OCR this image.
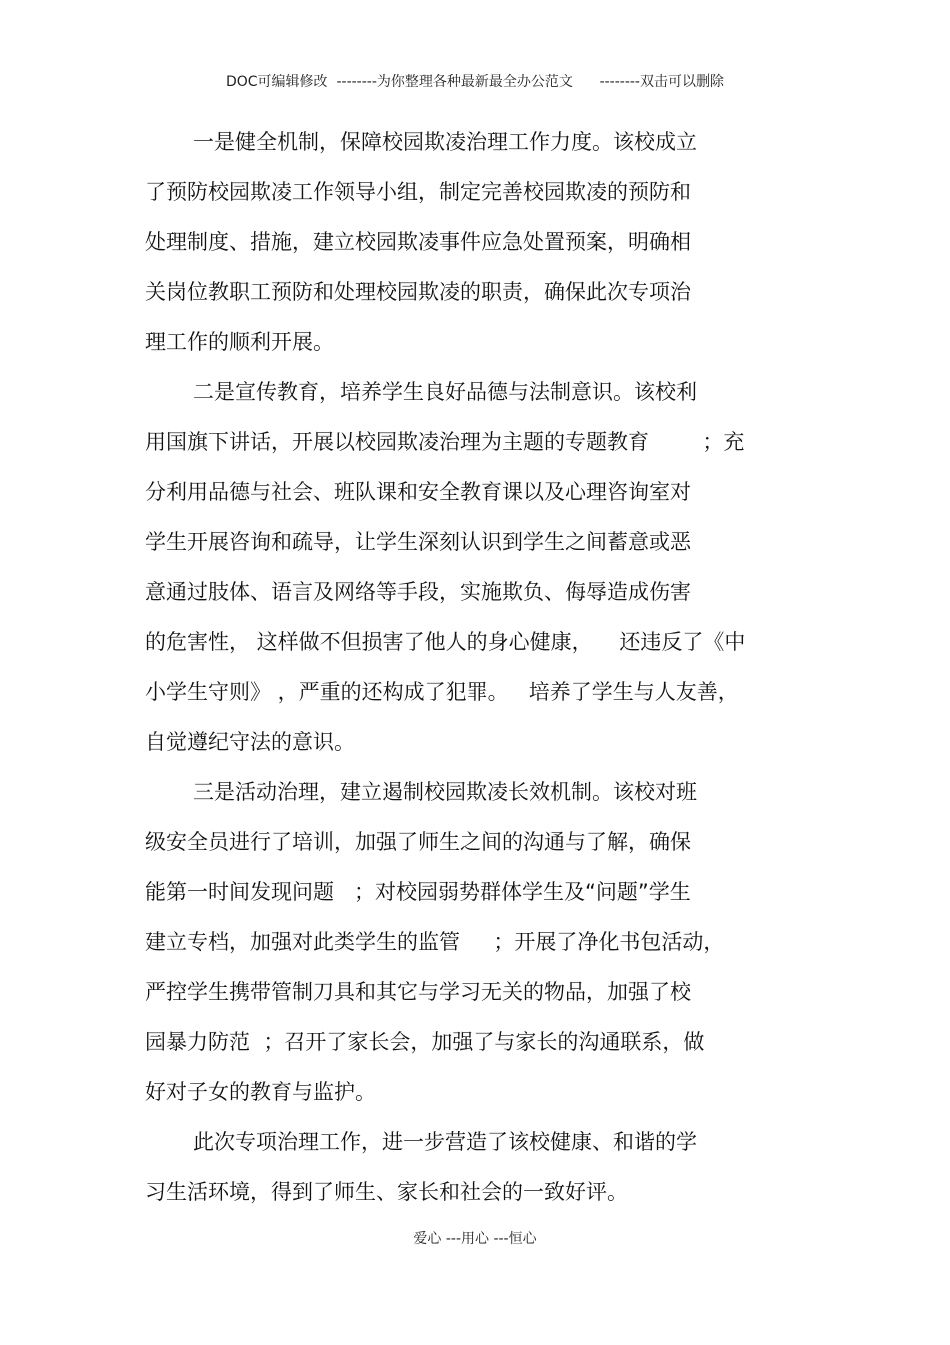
DOC可编辑修改  --------为你整理各种最新最全办公范文      --------双击可以删除
一是健全机制，保障校园欺凌治理工作力度。该校成立
了预防校园欺凌工作领导小组，制定完善校园欺凌的预防和
处理制度、措施，建立校园欺凌事件应急处置预案，明确相
关岗位教职工预防和处理校园欺凌的职责，确保此次专项治
理工作的顺利开展。
二是宣传教育，培养学生良好品德与法制意识。该校利
用国旗下讲话，开展以校园欺凌治理为主题的专题教育        ；充
分利用品德与社会、班队课和安全教育课以及心理咨询室对
学生开展咨询和疏导，让学生深刻认识到学生之间蓄意或恶
意通过肢体、语言及网络等手段，实施欺负、侮辱造成伤害
的危害性， 这样做不但损害了他人的身心健康，    还违反了《中
小学生守则》 ，严重的还构成了犯罪。   培养了学生与人友善，
自觉遵纪守法的意识。
三是活动治理，建立遏制校园欺凌长效机制。该校对班
级安全员进行了培训，加强了师生之间的沟通与了解，确保
能第一时间发现问题   ；对校园弱势群体学生及“问题”学生
建立专档，加强对此类学生的监管     ；开展了净化书包活动，
严控学生携带管制刀具和其它与学习无关的物品，加强了校
园暴力防范  ；召开了家长会，加强了与家长的沟通联系，做
好对子女的教育与监护。
此次专项治理工作，进一步营造了该校健康、和谐的学
习生活环境，得到了师生、家长和社会的一致好评。
爱心 ---用心 ---恒心
